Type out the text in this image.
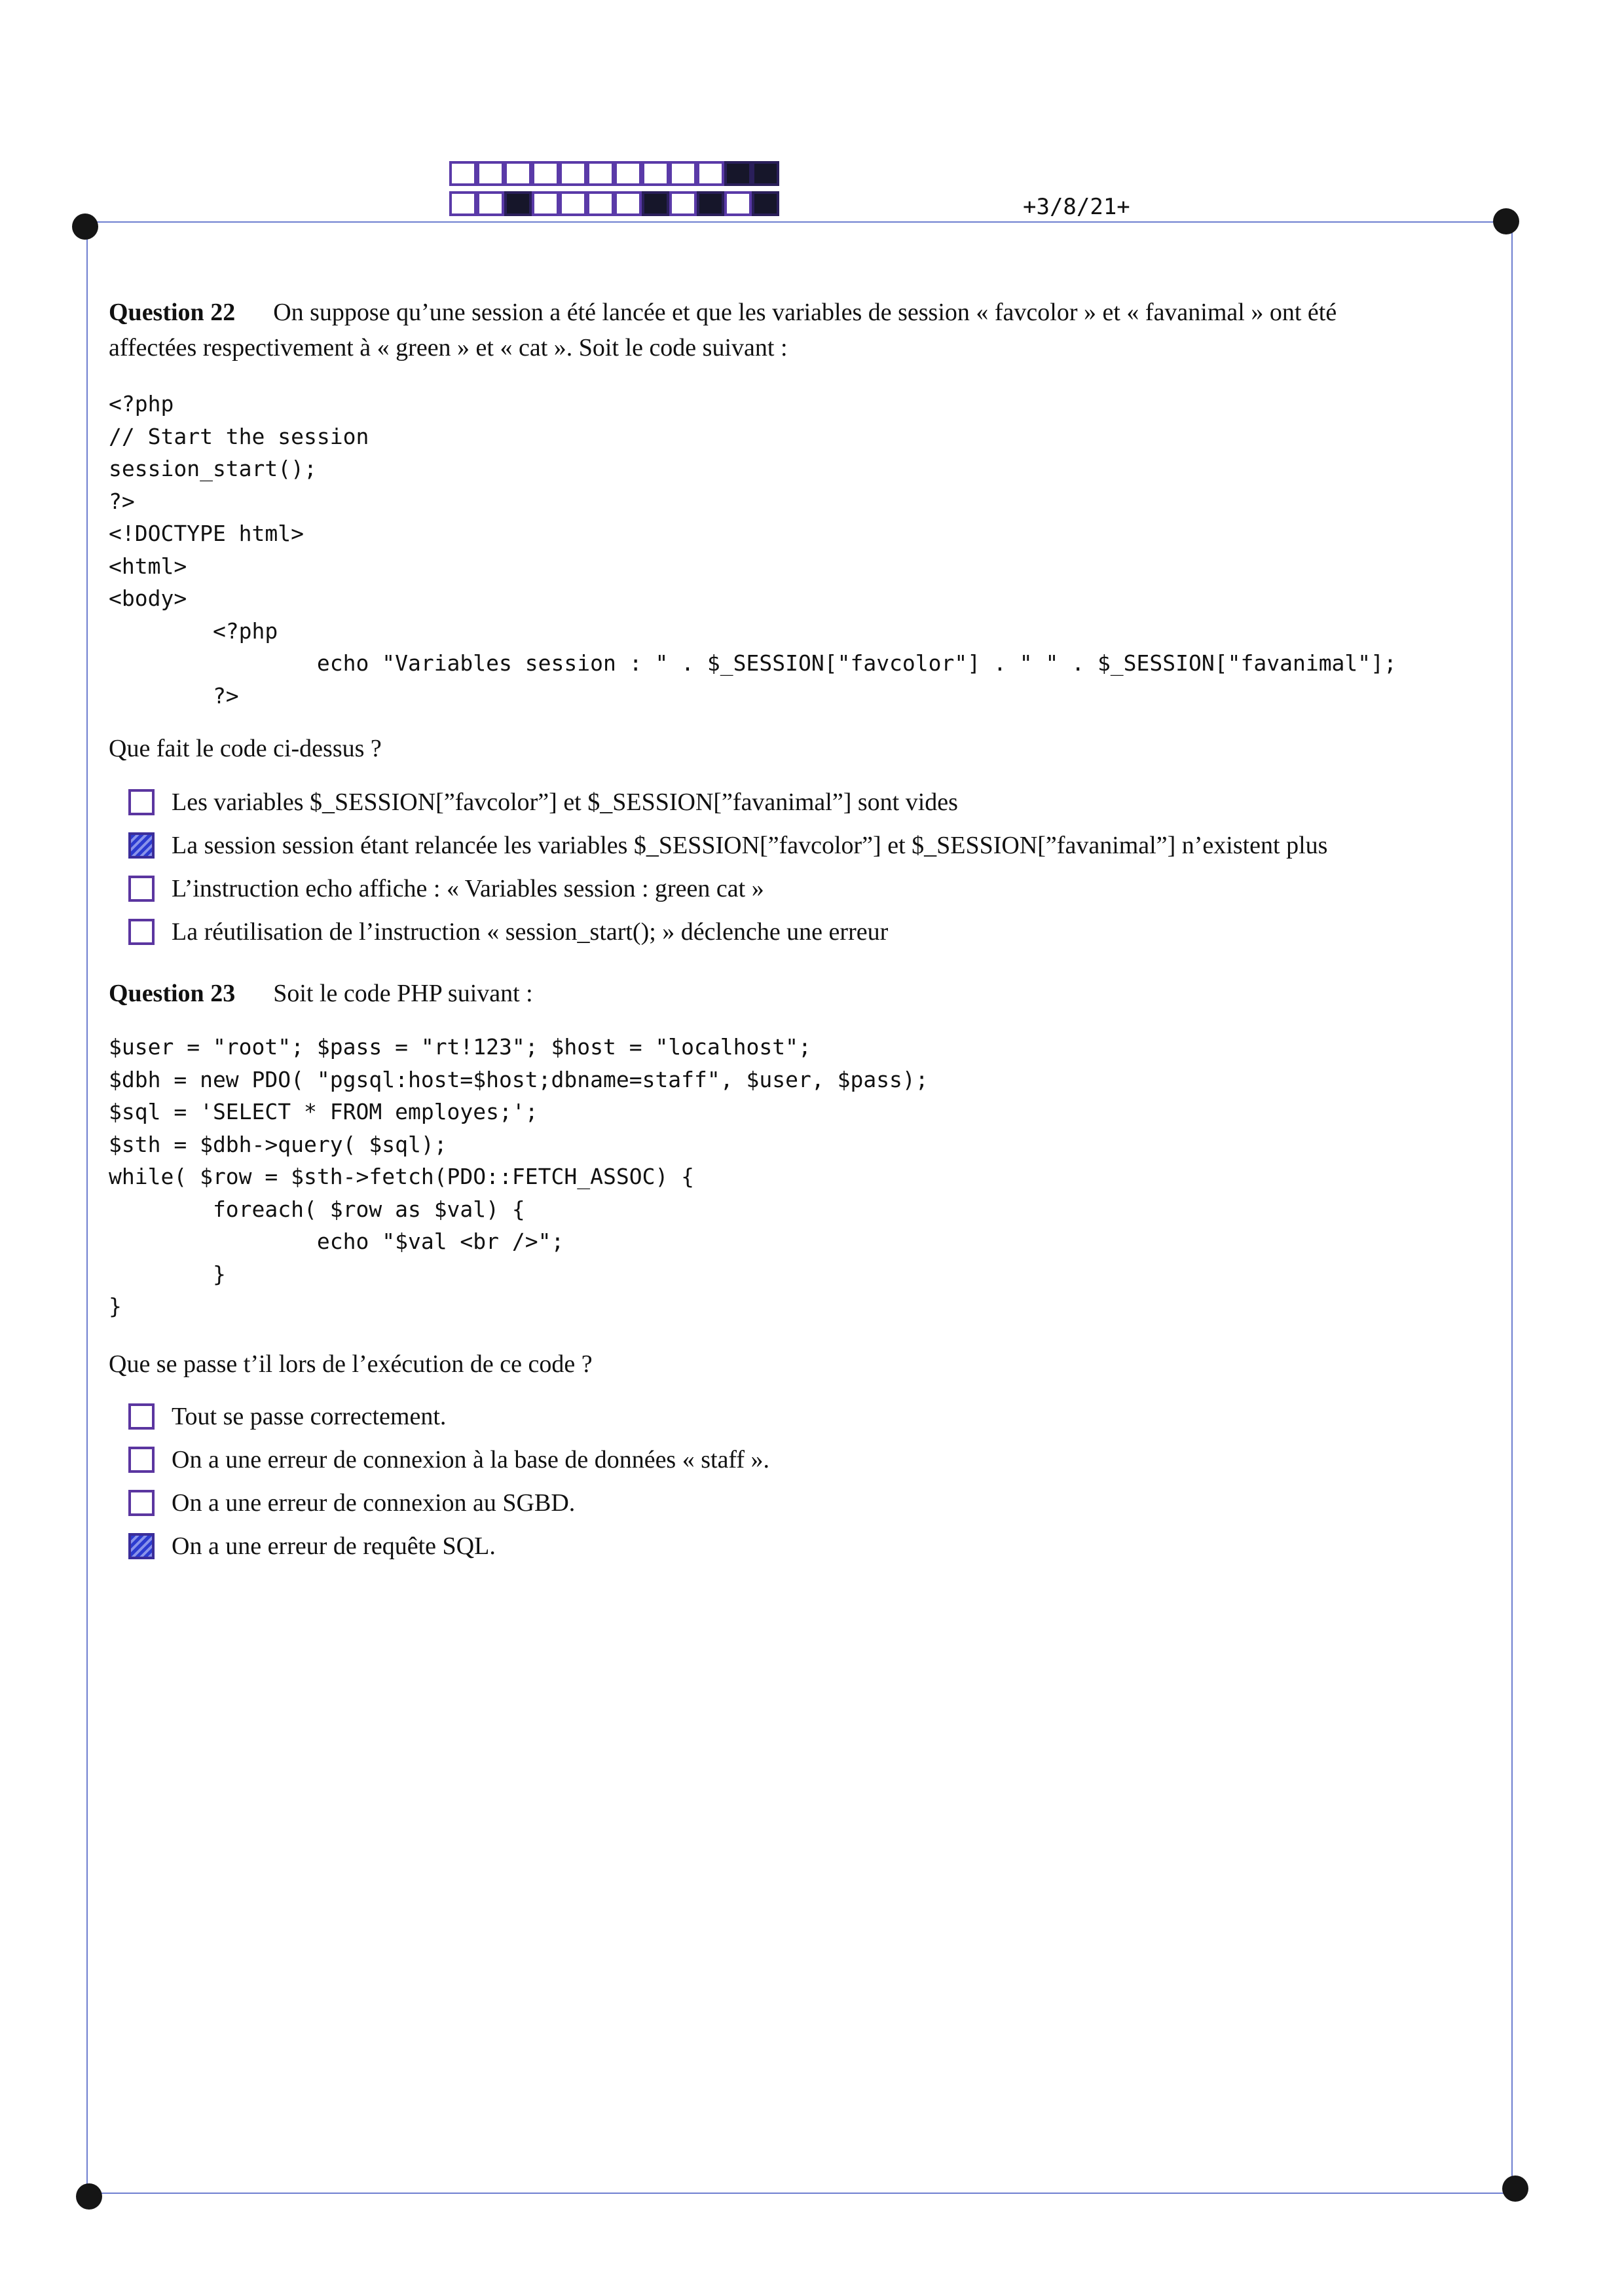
+3/8/21+
Question 22 On suppose qu’une session a été lancée et que les variables de session « favcolor » et « favanimal » ont été
affectées respectivement à « green » et « cat ». Soit le code suivant :
<?php
// Start the session
session_start();
?>
<!DOCTYPE html>
<html>
<body>
<?php
echo "Variables session : " . $_SESSION["favcolor"] . " " . $_SESSION["favanimal"];
?>
Que fait le code ci-dessus ?
Les variables $_SESSION[”favcolor”] et $_SESSION[”favanimal”] sont vides
La session session étant relancée les variables $_SESSION[”favcolor”] et $_SESSION[”favanimal”] n’existent plus
L’instruction echo affiche : « Variables session : green cat »
La réutilisation de l’instruction « session_start(); » déclenche une erreur
Question 23 Soit le code PHP suivant :
$user = "root"; $pass = "rt!123"; $host = "localhost";
$dbh = new PDO( "pgsql:host=$host;dbname=staff", $user, $pass);
$sql = 'SELECT * FROM employes;';
$sth = $dbh->query( $sql);
while( $row = $sth->fetch(PDO::FETCH_ASSOC) {
foreach( $row as $val) {
echo "$val <br />";
}
}
Que se passe t’il lors de l’exécution de ce code ?
Tout se passe correctement.
On a une erreur de connexion à la base de données « staff ».
On a une erreur de connexion au SGBD.
On a une erreur de requête SQL.
